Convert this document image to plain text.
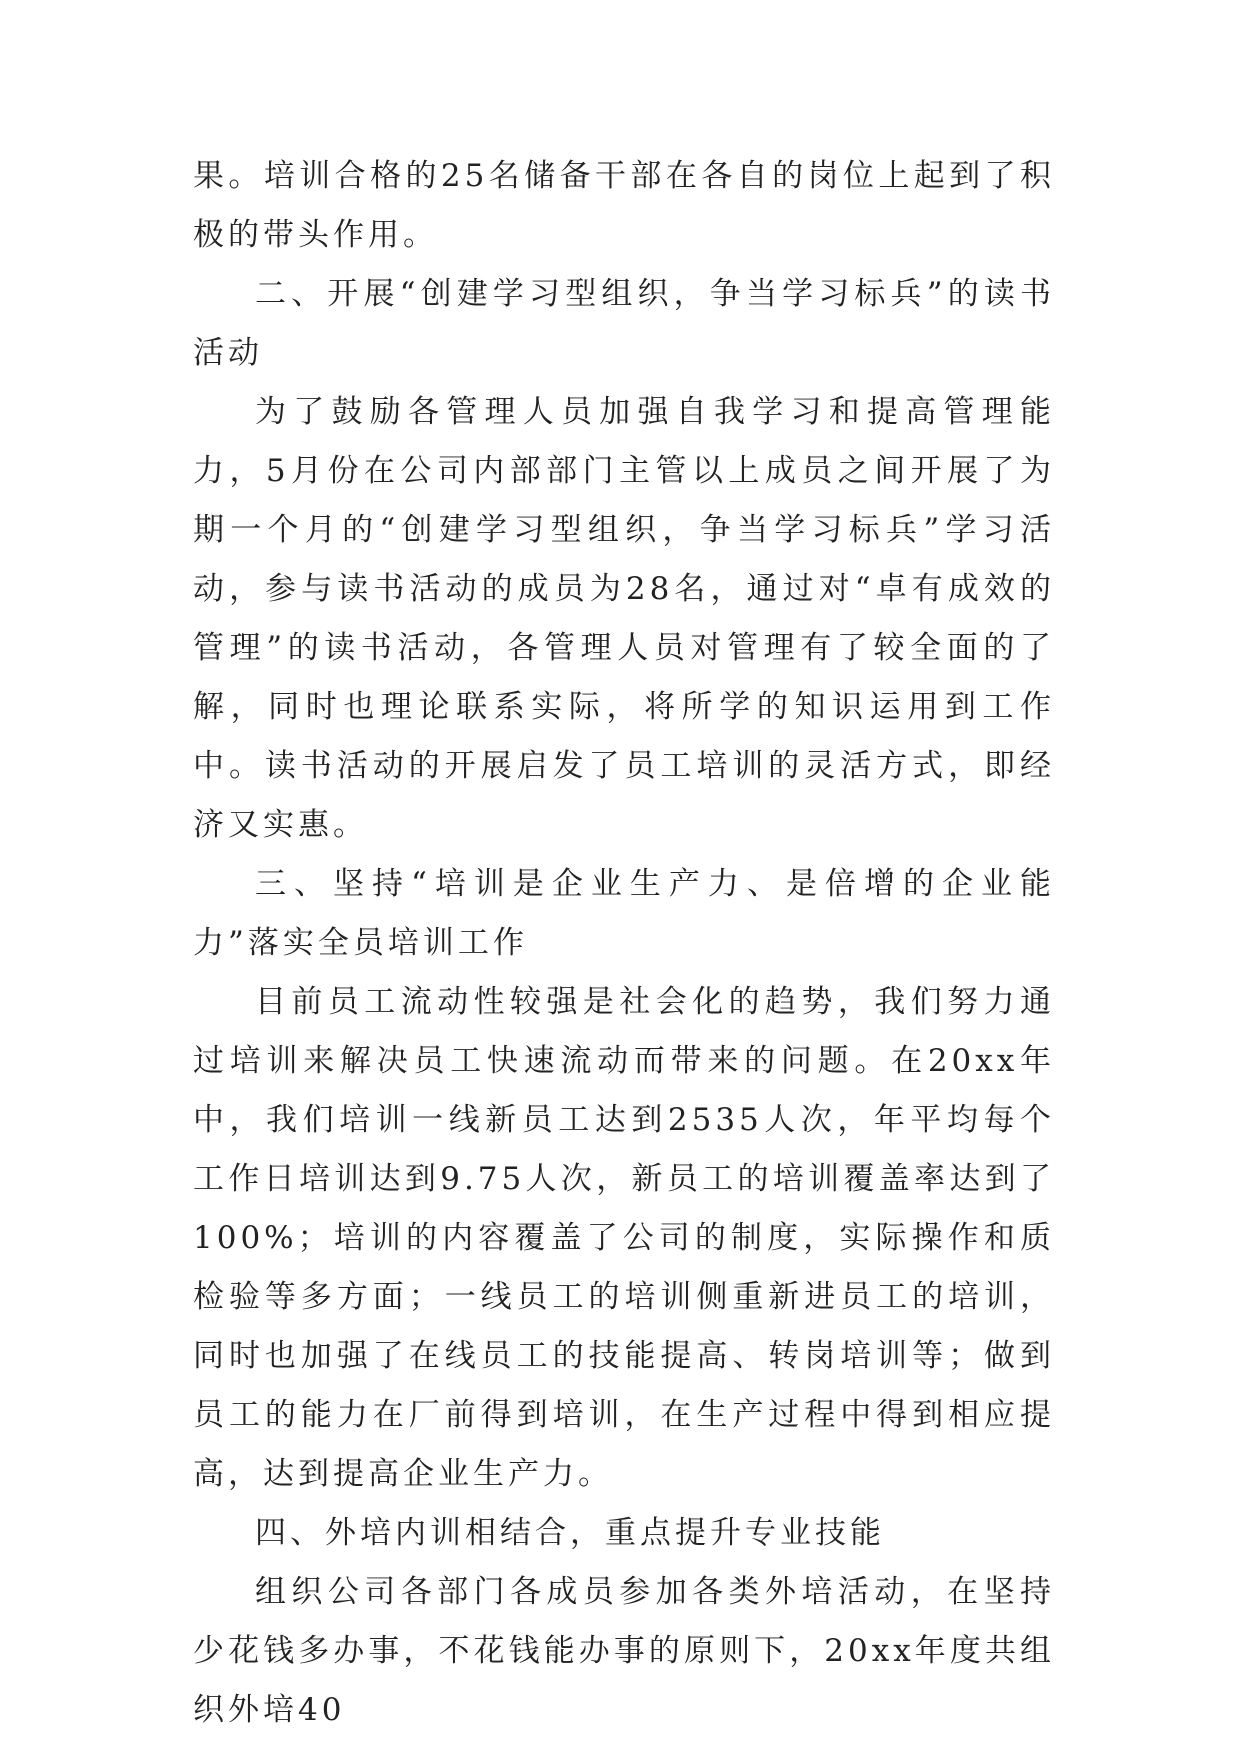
果。培训合格的25名储备干部在各自的岗位上起到了积极的带头作用。

二、开展“创建学习型组织，争当学习标兵”的读书活动

为了鼓励各管理人员加强自我学习和提高管理能力，5月份在公司内部部门主管以上成员之间开展了为期一个月的“创建学习型组织，争当学习标兵”学习活动，参与读书活动的成员为28名，通过对“卓有成效的管理”的读书活动，各管理人员对管理有了较全面的了解，同时也理论联系实际，将所学的知识运用到工作中。读书活动的开展启发了员工培训的灵活方式，即经济又实惠。

三、坚持“培训是企业生产力、是倍增的企业能力”落实全员培训工作

目前员工流动性较强是社会化的趋势，我们努力通过培训来解决员工快速流动而带来的问题。在20xx年中，我们培训一线新员工达到2535人次，年平均每个工作日培训达到9.75人次，新员工的培训覆盖率达到了100%；培训的内容覆盖了公司的制度，实际操作和质检验等多方面；一线员工的培训侧重新进员工的培训，同时也加强了在线员工的技能提高、转岗培训等；做到员工的能力在厂前得到培训，在生产过程中得到相应提高，达到提高企业生产力。

四、外培内训相结合，重点提升专业技能

组织公司各部门各成员参加各类外培活动，在坚持少花钱多办事，不花钱能办事的原则下，20xx年度共组织外培40
